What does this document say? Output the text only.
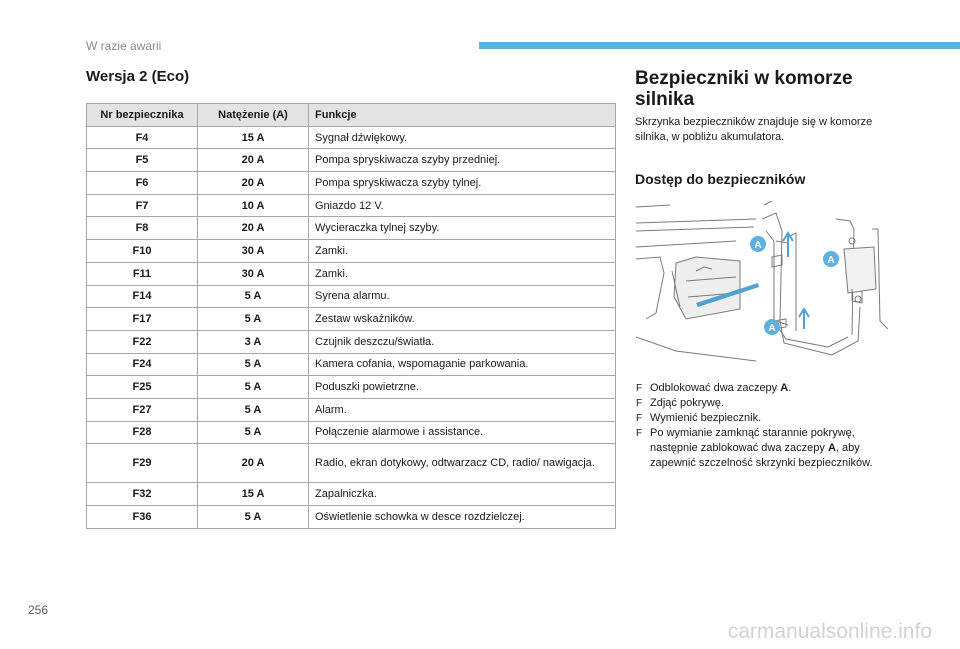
W razie awarii
Wersja 2 (Eco)
Nr bezpiecznika	Natężenie (A)	Funkcje
F4	15 A	Sygnał dźwiękowy.
F5	20 A	Pompa spryskiwacza szyby przedniej.
F6	20 A	Pompa spryskiwacza szyby tylnej.
F7	10 A	Gniazdo 12 V.
F8	20 A	Wycieraczka tylnej szyby.
F10	30 A	Zamki.
F11	30 A	Zamki.
F14	5 A	Syrena alarmu.
F17	5 A	Zestaw wskaźników.
F22	3 A	Czujnik deszczu/światła.
F24	5 A	Kamera cofania, wspomaganie parkowania.
F25	5 A	Poduszki powietrzne.
F27	5 A	Alarm.
F28	5 A	Połączenie alarmowe i assistance.
F29	20 A	Radio, ekran dotykowy, odtwarzacz CD, radio/ nawigacja.
F32	15 A	Zapalniczka.
F36	5 A	Oświetlenie schowka w desce rozdzielczej.
Bezpieczniki w komorze silnika

Skrzynka bezpieczników znajduje się w komorze silnika, w pobliżu akumulatora.

Dostęp do bezpieczników
A
A
A
F Odblokować dwa zaczepy A.
F Zdjąć pokrywę.
F Wymienić bezpiecznik.
F Po wymianie zamknąć starannie pokrywę, następnie zablokować dwa zaczepy A, aby zapewnić szczelność skrzynki bezpieczników.
256
carmanualsonline.info
